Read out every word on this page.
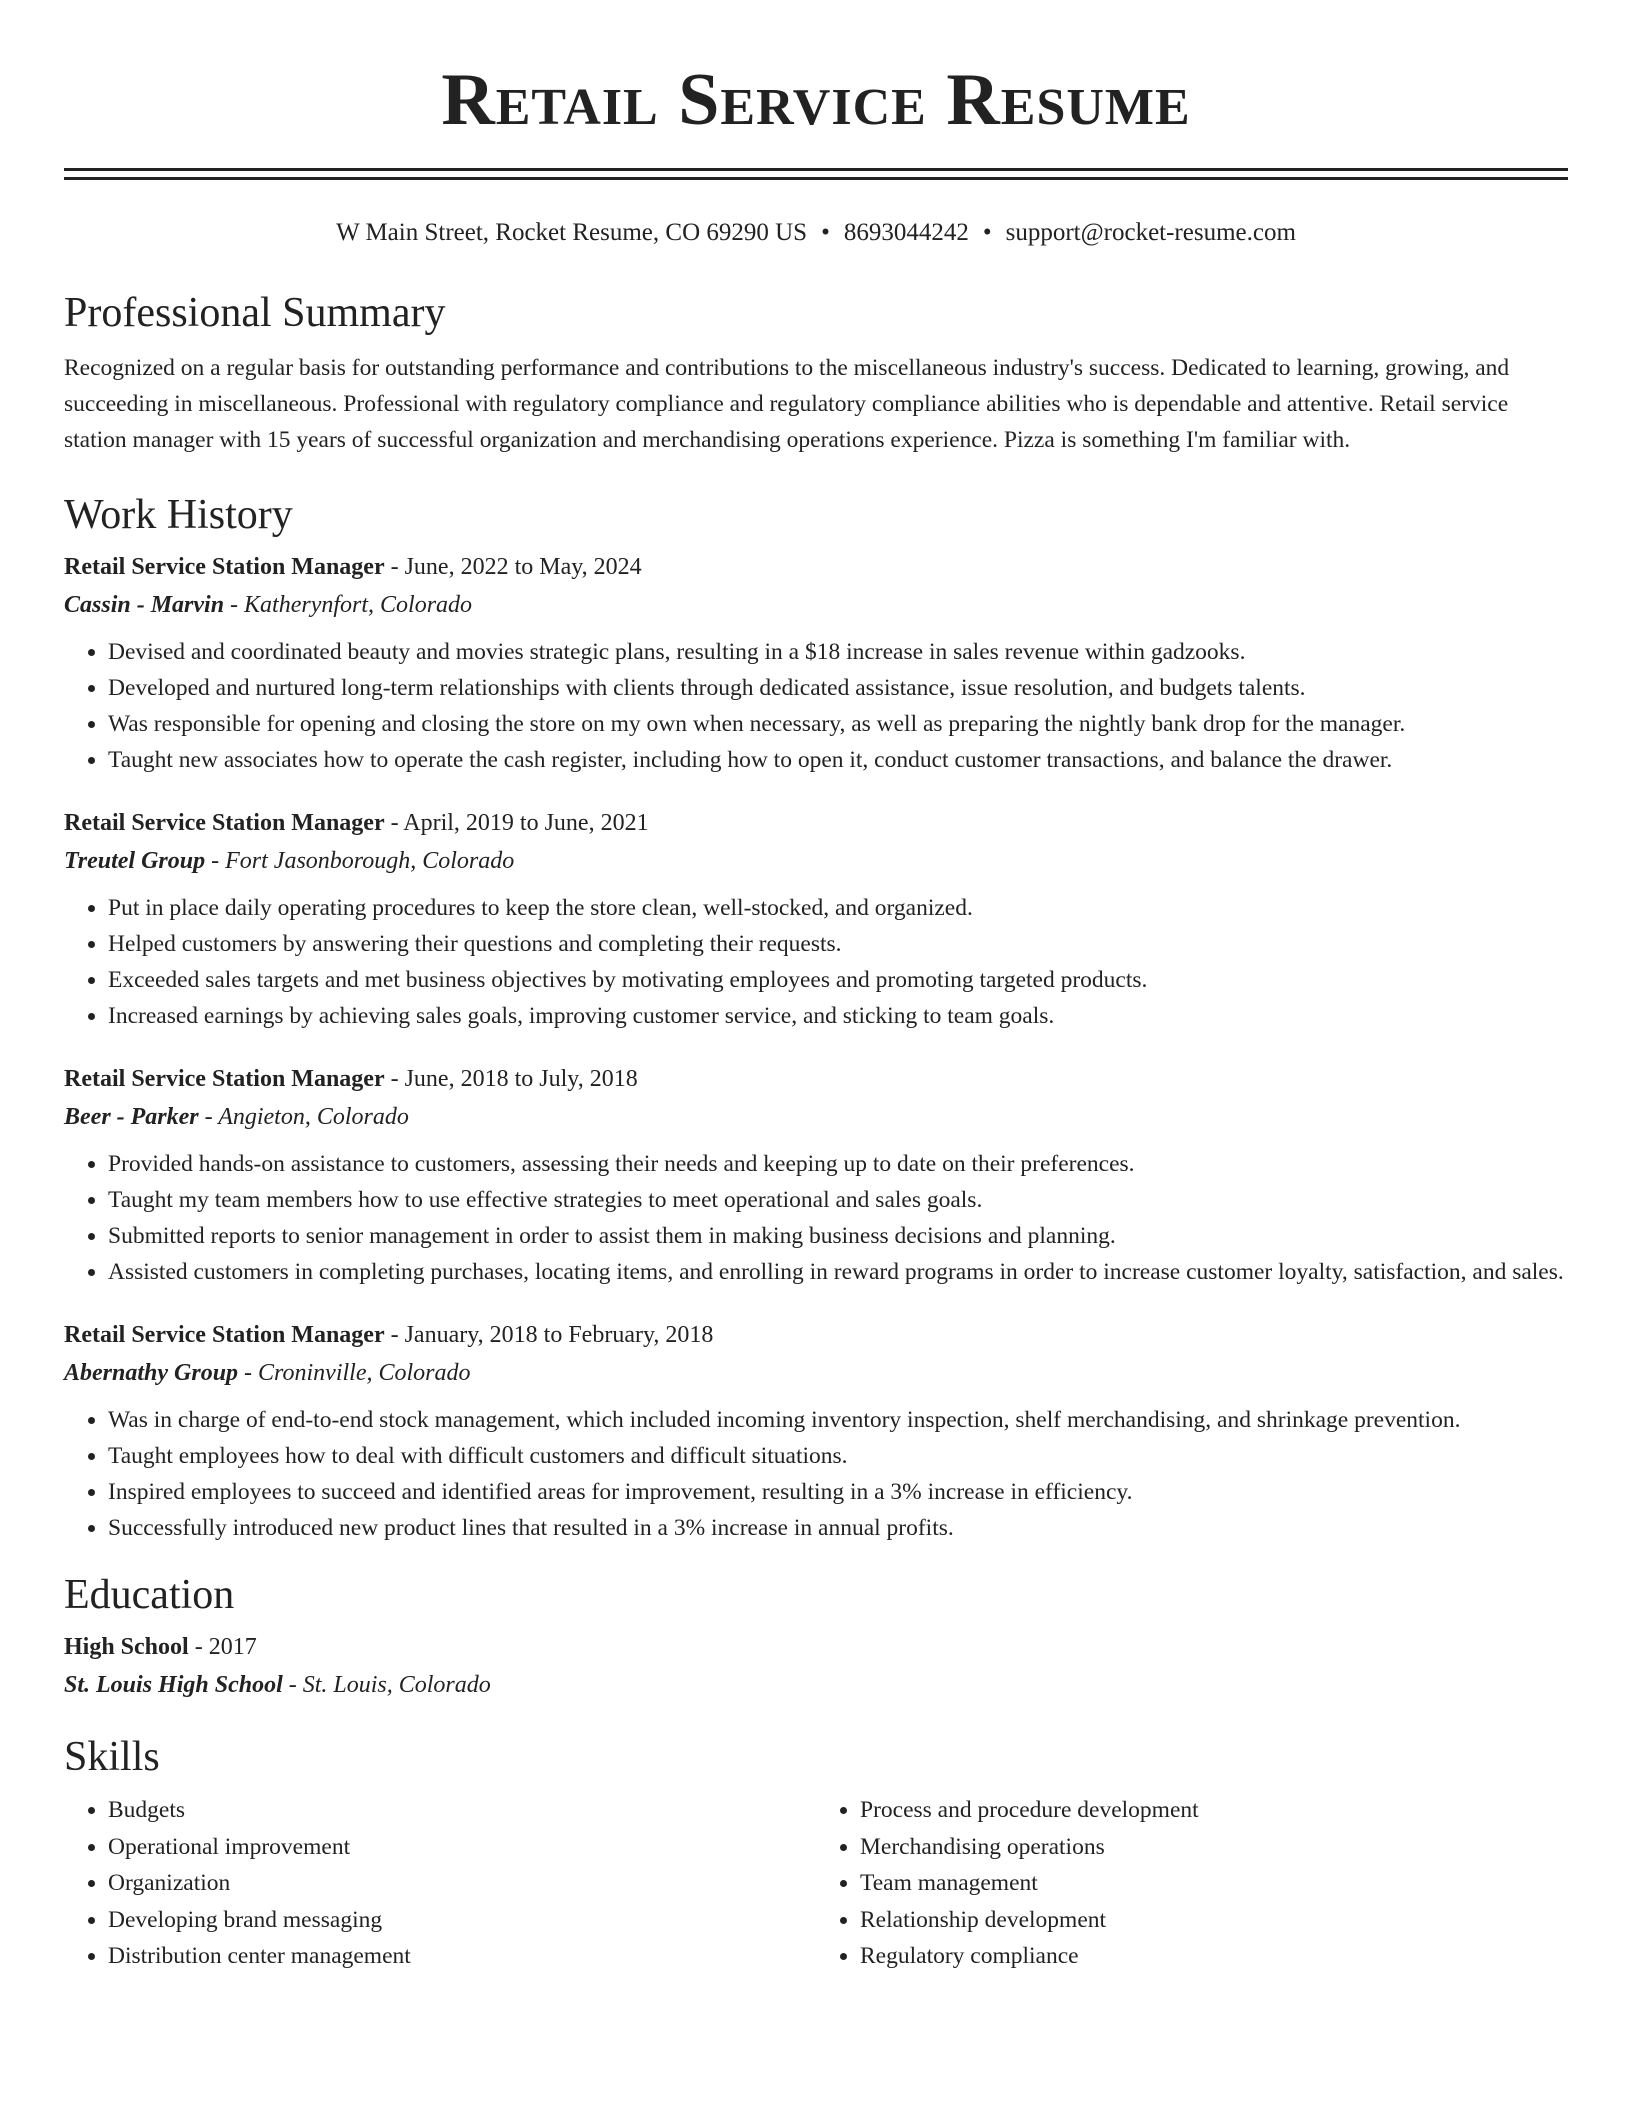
Retail Service Resume
W Main Street, Rocket Resume, CO 69290 US • 8693044242 • support@rocket-resume.com
Professional Summary

Recognized on a regular basis for outstanding performance and contributions to the miscellaneous industry's success. Dedicated to learning, growing, and succeeding in miscellaneous. Professional with regulatory compliance and regulatory compliance abilities who is dependable and attentive. Retail service station manager with 15 years of successful organization and merchandising operations experience. Pizza is something I'm familiar with.

Work History
Retail Service Station Manager - June, 2022 to May, 2024
Cassin - Marvin - Katherynfort, Colorado
• Devised and coordinated beauty and movies strategic plans, resulting in a $18 increase in sales revenue within gadzooks.
• Developed and nurtured long-term relationships with clients through dedicated assistance, issue resolution, and budgets talents.
• Was responsible for opening and closing the store on my own when necessary, as well as preparing the nightly bank drop for the manager.
• Taught new associates how to operate the cash register, including how to open it, conduct customer transactions, and balance the drawer.
Retail Service Station Manager - April, 2019 to June, 2021
Treutel Group - Fort Jasonborough, Colorado
• Put in place daily operating procedures to keep the store clean, well-stocked, and organized.
• Helped customers by answering their questions and completing their requests.
• Exceeded sales targets and met business objectives by motivating employees and promoting targeted products.
• Increased earnings by achieving sales goals, improving customer service, and sticking to team goals.
Retail Service Station Manager - June, 2018 to July, 2018
Beer - Parker - Angieton, Colorado
• Provided hands-on assistance to customers, assessing their needs and keeping up to date on their preferences.
• Taught my team members how to use effective strategies to meet operational and sales goals.
• Submitted reports to senior management in order to assist them in making business decisions and planning.
• Assisted customers in completing purchases, locating items, and enrolling in reward programs in order to increase customer loyalty, satisfaction, and sales.
Retail Service Station Manager - January, 2018 to February, 2018
Abernathy Group - Croninville, Colorado
• Was in charge of end-to-end stock management, which included incoming inventory inspection, shelf merchandising, and shrinkage prevention.
• Taught employees how to deal with difficult customers and difficult situations.
• Inspired employees to succeed and identified areas for improvement, resulting in a 3% increase in efficiency.
• Successfully introduced new product lines that resulted in a 3% increase in annual profits.
Education
High School - 2017
St. Louis High School - St. Louis, Colorado
Skills
• Budgets
• Operational improvement
• Organization
• Developing brand messaging
• Distribution center management
• Process and procedure development
• Merchandising operations
• Team management
• Relationship development
• Regulatory compliance
